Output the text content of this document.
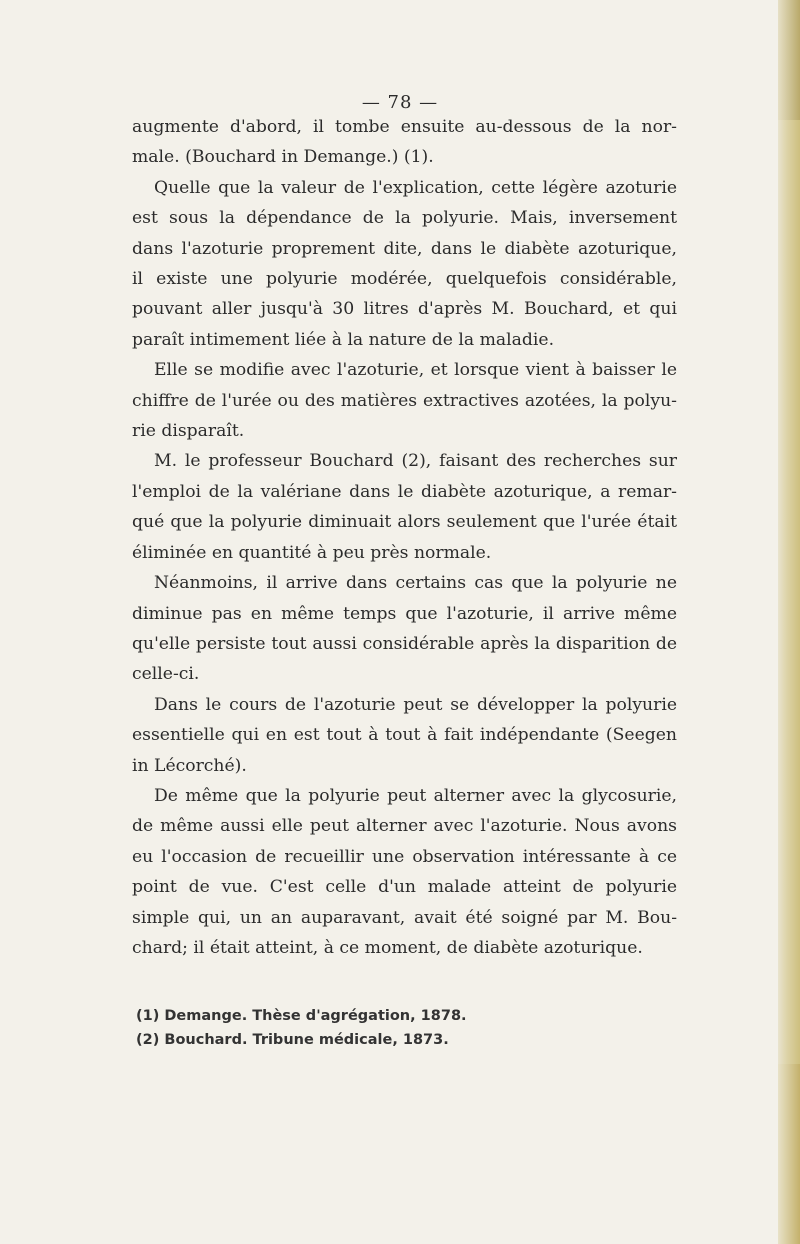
— 78 —
augmente d'abord, il tombe ensuite au-dessous de la nor-
male. (Bouchard in Demange.) (1).
Quelle que la valeur de l'explication, cette légère azoturie
est sous la dépendance de la polyurie. Mais, inversement
dans l'azoturie proprement dite, dans le diabète azoturique,
il existe une polyurie modérée, quelquefois considérable,
pouvant aller jusqu'à 30 litres d'après M. Bouchard, et qui
paraît intimement liée à la nature de la maladie.
Elle se modifie avec l'azoturie, et lorsque vient à baisser le
chiffre de l'urée ou des matières extractives azotées, la polyu-
rie disparaît.
M. le professeur Bouchard (2), faisant des recherches sur
l'emploi de la valériane dans le diabète azoturique, a remar-
qué que la polyurie diminuait alors seulement que l'urée était
éliminée en quantité à peu près normale.
Néanmoins, il arrive dans certains cas que la polyurie ne
diminue pas en même temps que l'azoturie, il arrive même
qu'elle persiste tout aussi considérable après la disparition de
celle-ci.
Dans le cours de l'azoturie peut se développer la polyurie
essentielle qui en est tout à tout à fait indépendante (Seegen
in Lécorché).
De même que la polyurie peut alterner avec la glycosurie,
de même aussi elle peut alterner avec l'azoturie. Nous avons
eu l'occasion de recueillir une observation intéressante à ce
point de vue. C'est celle d'un malade atteint de polyurie
simple qui, un an auparavant, avait été soigné par M. Bou-
chard; il était atteint, à ce moment, de diabète azoturique.
(1) Demange. Thèse d'agrégation, 1878.
(2) Bouchard. Tribune médicale, 1873.
